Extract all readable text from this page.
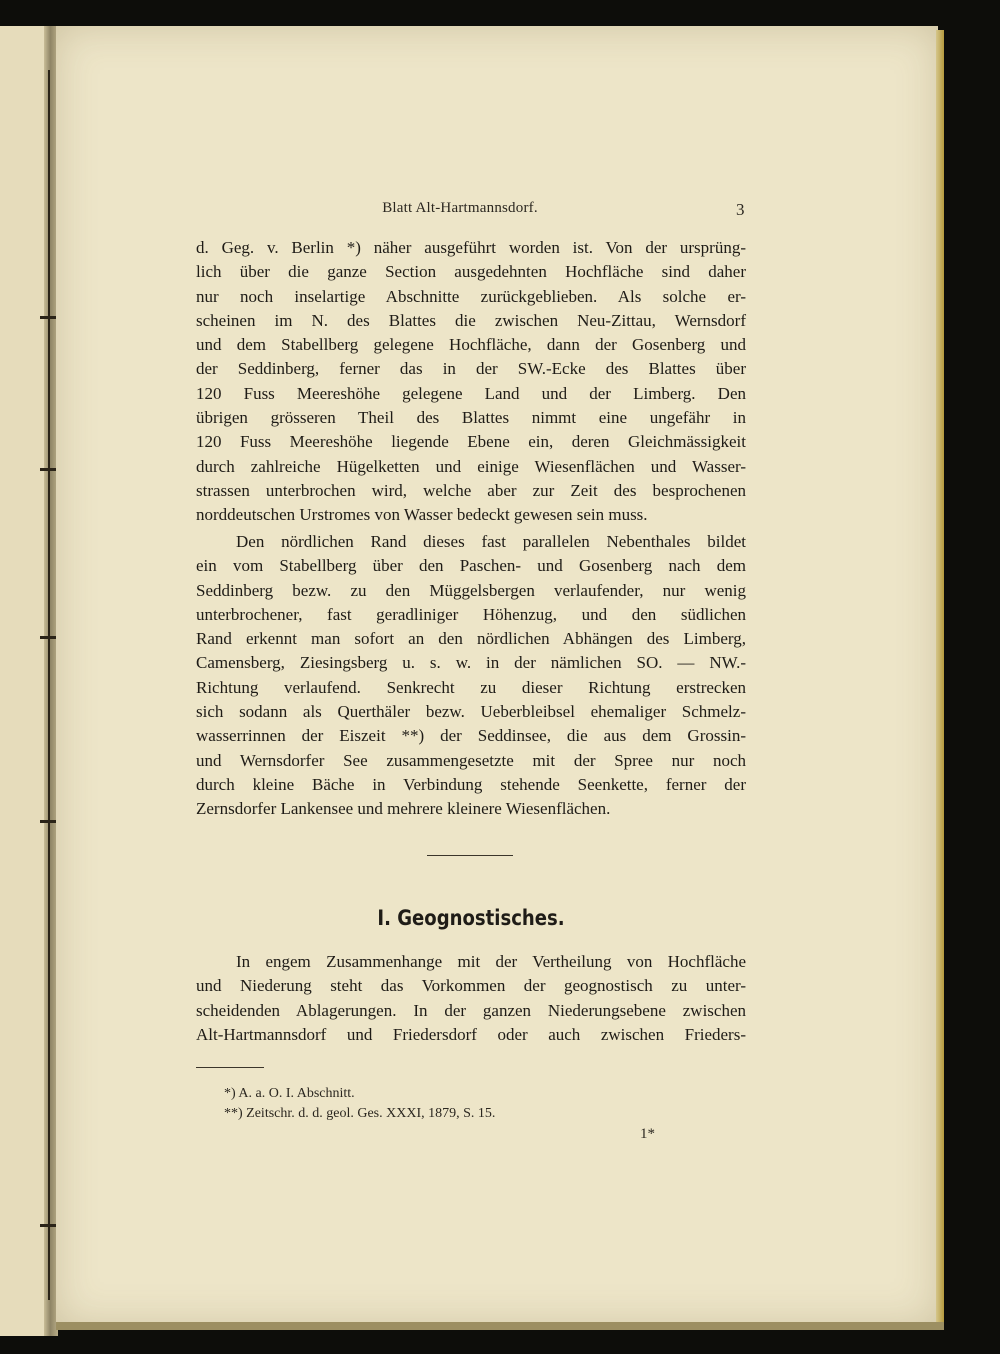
Blatt Alt-Hartmannsdorf.	3
d. Geg. v. Berlin *) näher ausgeführt worden ist. Von der ursprüng-
lich über die ganze Section ausgedehnten Hochfläche sind daher
nur noch inselartige Abschnitte zurückgeblieben. Als solche er-
scheinen im N. des Blattes die zwischen Neu-Zittau, Wernsdorf
und dem Stabellberg gelegene Hochfläche, dann der Gosenberg und
der Seddinberg, ferner das in der SW.-Ecke des Blattes über
120 Fuss Meereshöhe gelegene Land und der Limberg. Den
übrigen grösseren Theil des Blattes nimmt eine ungefähr in
120 Fuss Meereshöhe liegende Ebene ein, deren Gleichmässigkeit
durch zahlreiche Hügelketten und einige Wiesenflächen und Wasser-
strassen unterbrochen wird, welche aber zur Zeit des besprochenen
norddeutschen Urstromes von Wasser bedeckt gewesen sein muss.
Den nördlichen Rand dieses fast parallelen Nebenthales bildet
ein vom Stabellberg über den Paschen- und Gosenberg nach dem
Seddinberg bezw. zu den Müggelsbergen verlaufender, nur wenig
unterbrochener, fast geradliniger Höhenzug, und den südlichen
Rand erkennt man sofort an den nördlichen Abhängen des Limberg,
Camensberg, Ziesingsberg u. s. w. in der nämlichen SO. — NW.-
Richtung verlaufend. Senkrecht zu dieser Richtung erstrecken
sich sodann als Querthäler bezw. Ueberbleibsel ehemaliger Schmelz-
wasserrinnen der Eiszeit **) der Seddinsee, die aus dem Grossin-
und Wernsdorfer See zusammengesetzte mit der Spree nur noch
durch kleine Bäche in Verbindung stehende Seenkette, ferner der
Zernsdorfer Lankensee und mehrere kleinere Wiesenflächen.
I. Geognostisches.
In engem Zusammenhange mit der Vertheilung von Hochfläche
und Niederung steht das Vorkommen der geognostisch zu unter-
scheidenden Ablagerungen. In der ganzen Niederungsebene zwischen
Alt-Hartmannsdorf und Friedersdorf oder auch zwischen Frieders-
*) A. a. O. I. Abschnitt.
**) Zeitschr. d. d. geol. Ges. XXXI, 1879, S. 15.
1*
